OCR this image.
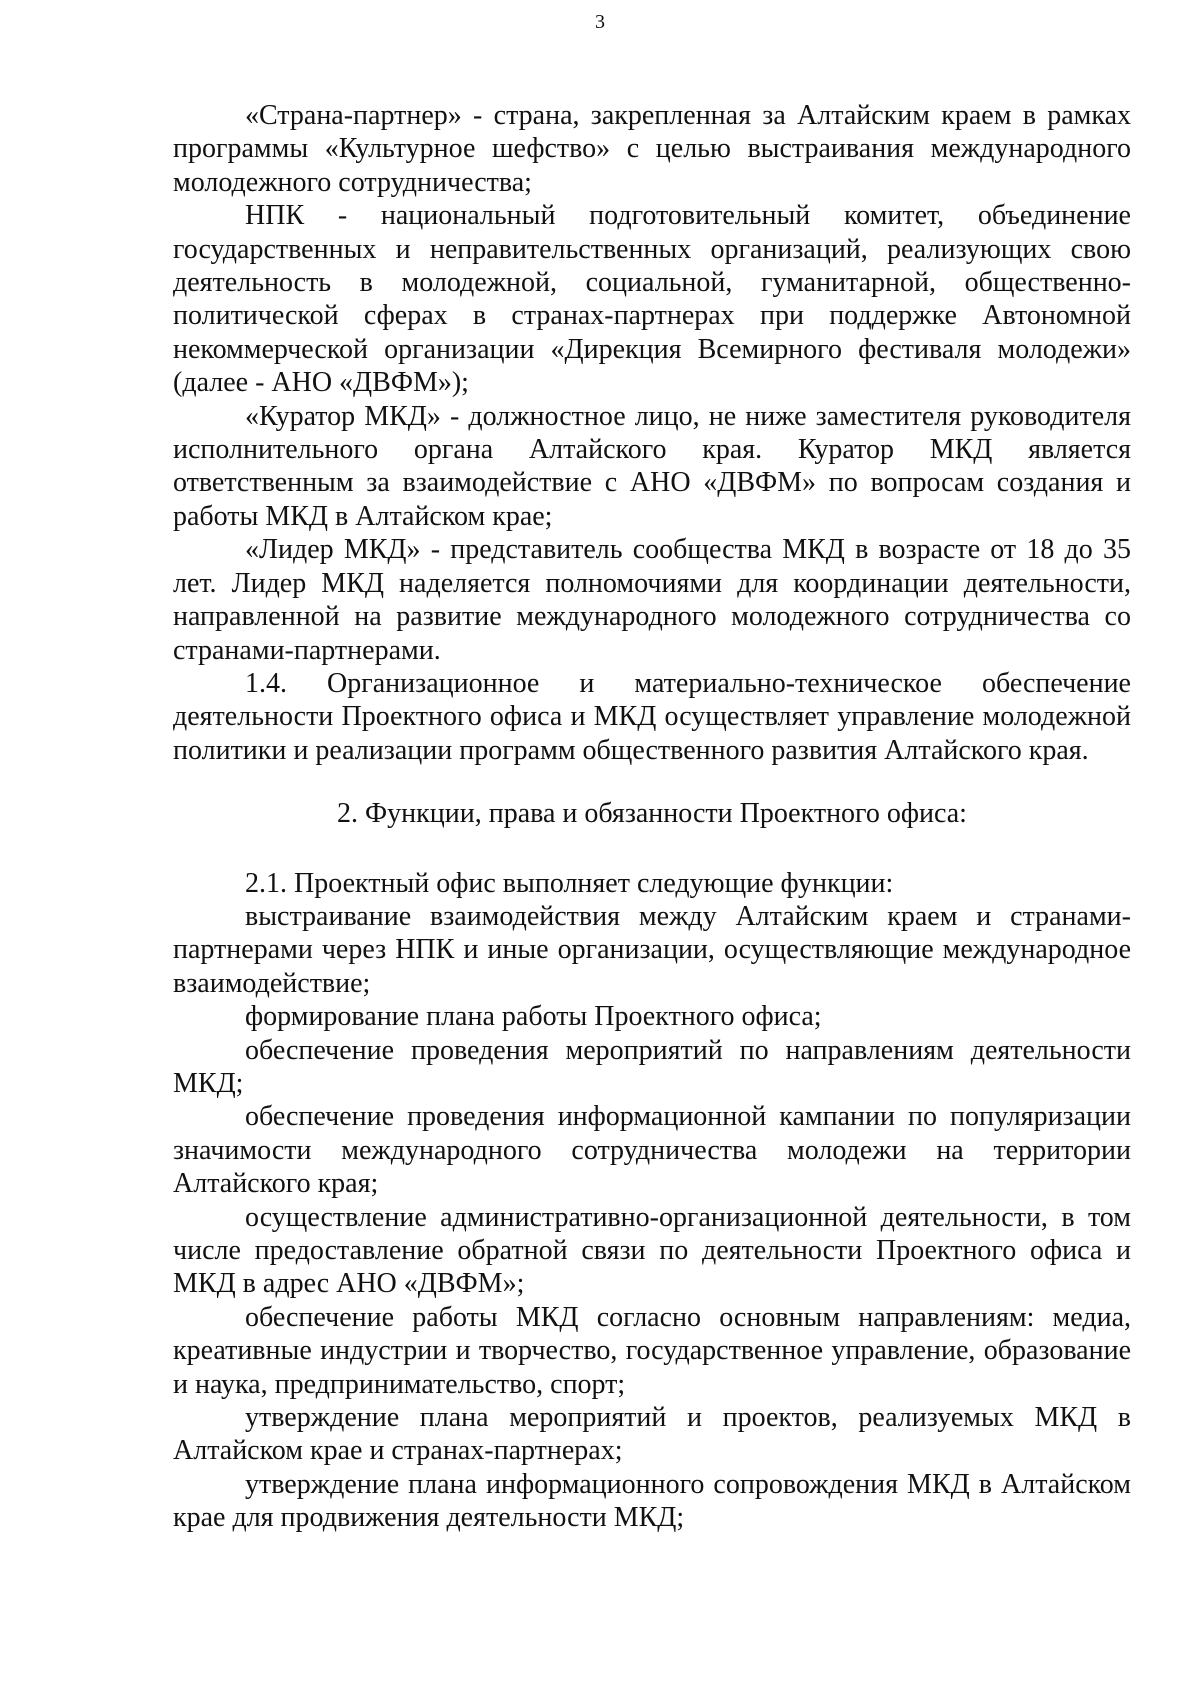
3

«Страна-партнер» - страна, закрепленная за Алтайским краем в рамках программы «Культурное шефство» с целью выстраивания международного молодежного сотрудничества;

НПК - национальный подготовительный комитет, объединение государственных и неправительственных организаций, реализующих свою деятельность в молодежной, социальной, гуманитарной, общественно-политической сферах в странах-партнерах при поддержке Автономной некоммерческой организации «Дирекция Всемирного фестиваля молодежи» (далее - АНО «ДВФМ»);

«Куратор МКД» - должностное лицо, не ниже заместителя руководителя исполнительного органа Алтайского края. Куратор МКД является ответственным за взаимодействие с АНО «ДВФМ» по вопросам создания и работы МКД в Алтайском крае;

«Лидер МКД» - представитель сообщества МКД в возрасте от 18 до 35 лет. Лидер МКД наделяется полномочиями для координации деятельности, направленной на развитие международного молодежного сотрудничества со странами-партнерами.

1.4. Организационное и материально-техническое обеспечение деятельности Проектного офиса и МКД осуществляет управление молодежной политики и реализации программ общественного развития Алтайского края.

2. Функции, права и обязанности Проектного офиса:

2.1. Проектный офис выполняет следующие функции:

выстраивание взаимодействия между Алтайским краем и странами-партнерами через НПК и иные организации, осуществляющие международное взаимодействие;

формирование плана работы Проектного офиса;

обеспечение проведения мероприятий по направлениям деятельности МКД;

обеспечение проведения информационной кампании по популяризации значимости международного сотрудничества молодежи на территории Алтайского края;

осуществление административно-организационной деятельности, в том числе предоставление обратной связи по деятельности Проектного офиса и МКД в адрес АНО «ДВФМ»;

обеспечение работы МКД согласно основным направлениям: медиа, креативные индустрии и творчество, государственное управление, образование и наука, предпринимательство, спорт;

утверждение плана мероприятий и проектов, реализуемых МКД в Алтайском крае и странах-партнерах;

утверждение плана информационного сопровождения МКД в Алтайском крае для продвижения деятельности МКД;
